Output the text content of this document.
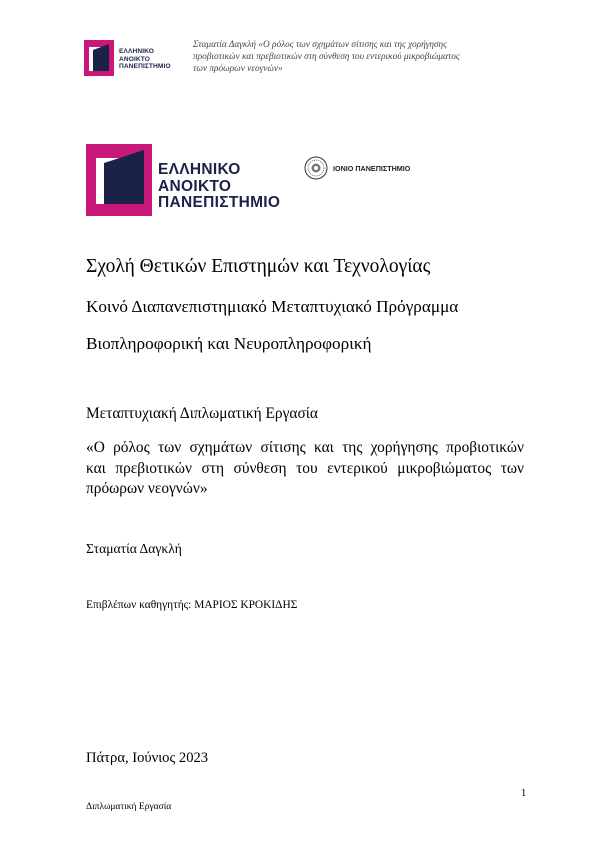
ΕΛΛΗΝΙΚΟ
ΑΝΟΙΚΤΟ
ΠΑΝΕΠΙΣΤΗΜΙΟ
Σταματία Δαγκλή «Ο ρόλος των σχημάτων σίτισης και της χορήγησης
προβιοτικών και πρεβιοτικών στη σύνθεση του εντερικού μικροβιώματος
των πρόωρων νεογνών»
ΕΛΛΗΝΙΚΟ
ΑΝΟΙΚΤΟ
ΠΑΝΕΠΙΣΤΗΜΙΟ
ΙΟΝΙΟ ΠΑΝΕΠΙΣΤΗΜΙΟ
Σχολή Θετικών Επιστημών και Τεχνολογίας
Κοινό Διαπανεπιστημιακό Μεταπτυχιακό Πρόγραμμα
Βιοπληροφορική και Νευροπληροφορική
Μεταπτυχιακή Διπλωματική Εργασία
«Ο ρόλος των σχημάτων σίτισης και της χορήγησης προβιοτικών
και πρεβιοτικών στη σύνθεση του εντερικού μικροβιώματος των
πρόωρων νεογνών»
Σταματία Δαγκλή
Επιβλέπων καθηγητής: ΜΑΡΙΟΣ ΚΡΟΚΙΔΗΣ
Πάτρα, Ιούνιος 2023
1
Διπλωματική Εργασία
